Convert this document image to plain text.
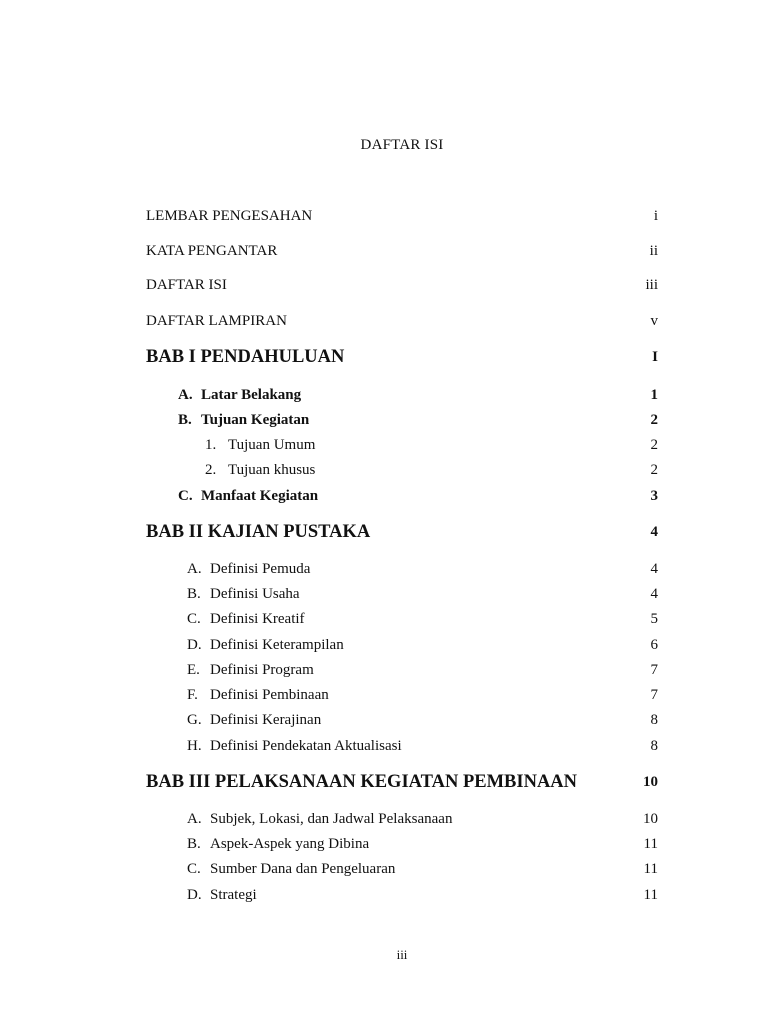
DAFTAR ISI
LEMBAR PENGESAHAN	i
KATA PENGANTAR	ii
DAFTAR ISI	iii
DAFTAR LAMPIRAN	v
BAB I PENDAHULUAN	I
A. Latar Belakang	1
B. Tujuan Kegiatan	2
1. Tujuan Umum	2
2. Tujuan khusus	2
C. Manfaat Kegiatan	3
BAB II KAJIAN PUSTAKA	4
A. Definisi Pemuda	4
B. Definisi Usaha	4
C. Definisi Kreatif	5
D. Definisi Keterampilan	6
E. Definisi Program	7
F. Definisi Pembinaan	7
G. Definisi Kerajinan	8
H. Definisi Pendekatan Aktualisasi	8
BAB III PELAKSANAAN KEGIATAN PEMBINAAN	10
A. Subjek, Lokasi, dan Jadwal Pelaksanaan	10
B. Aspek-Aspek yang Dibina	11
C. Sumber Dana dan Pengeluaran	11
D. Strategi	11
iii
